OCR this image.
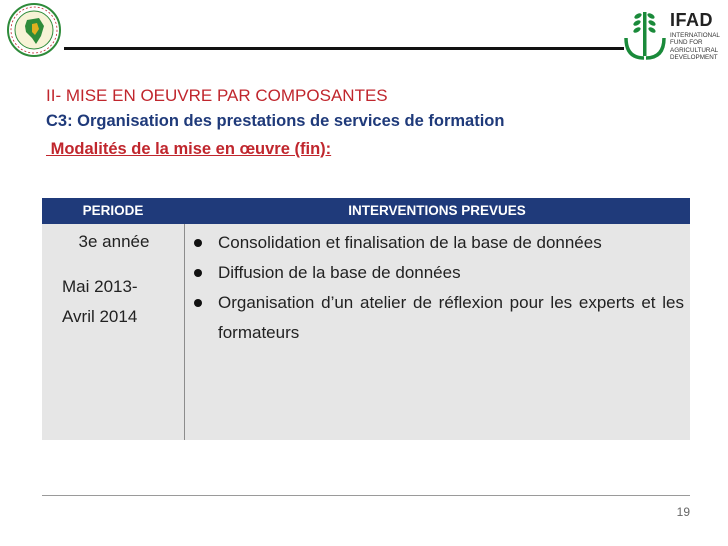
IFAD
INTERNATIONAL
FUND FOR
AGRICULTURAL
DEVELOPMENT
II- MISE EN OEUVRE PAR COMPOSANTES
C3: Organisation des prestations de services de formation
Modalités de la mise en œuvre (fin):
PERIODE	INTERVENTIONS PREVUES
3e année
Mai 2013-
Avril 2014
Consolidation et finalisation de la base de données
Diffusion de la base de données
Organisation d’un atelier de réflexion pour les experts et les formateurs
19
